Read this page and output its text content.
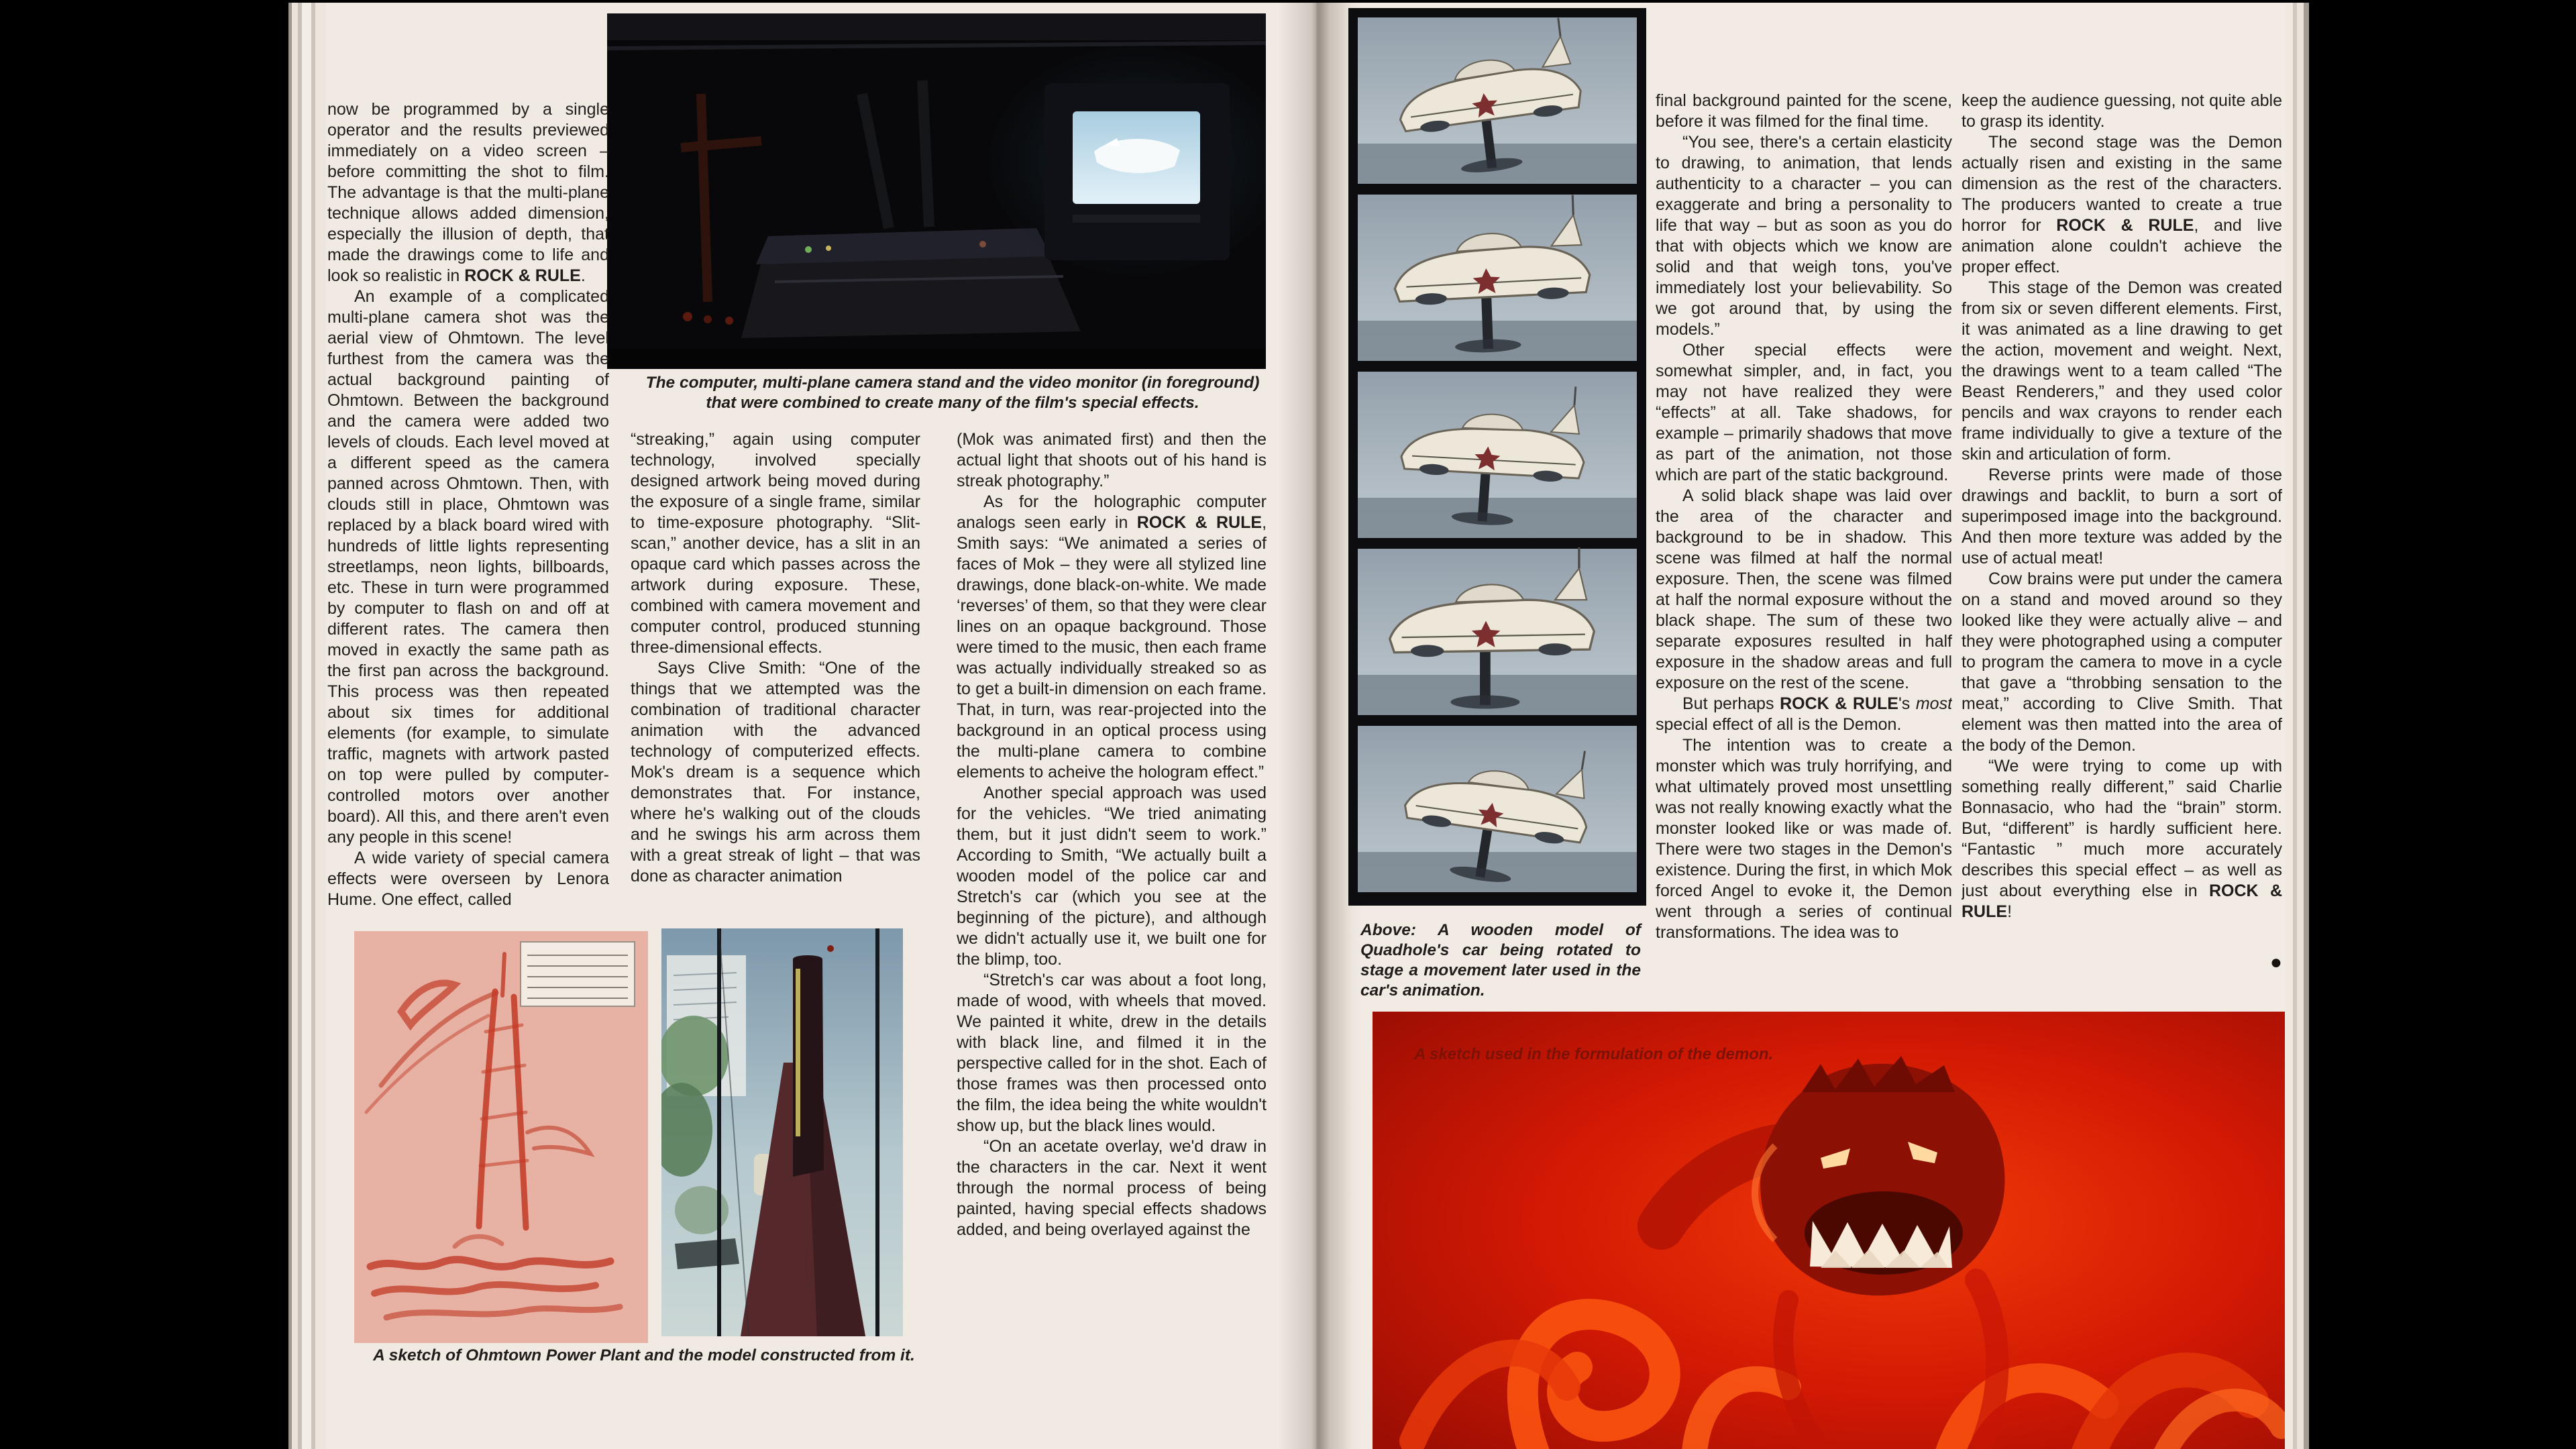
The computer, multi-plane camera stand and the video monitor (in foreground) that were combined to create many of the film's special effects.

now be programmed by a single operator and the results previewed immediately on a video screen – before committing the shot to film. The advantage is that the multi-plane technique allows added dimension, especially the illusion of depth, that made the drawings come to life and look so realistic in ROCK & RULE.

An example of a complicated multi-plane camera shot was the aerial view of Ohmtown. The level furthest from the camera was the actual background painting of Ohmtown. Between the background and the camera were added two levels of clouds. Each level moved at a different speed as the camera panned across Ohmtown. Then, with clouds still in place, Ohmtown was replaced by a black board wired with hundreds of little lights representing streetlamps, neon lights, billboards, etc. These in turn were programmed by computer to flash on and off at different rates. The camera then moved in exactly the same path as the first pan across the background. This process was then repeated about six times for additional elements (for example, to simulate traffic, magnets with artwork pasted on top were pulled by computer-controlled motors over another board). All this, and there aren't even any people in this scene!

A wide variety of special camera effects were overseen by Lenora Hume. One effect, called

“streaking,” again using computer technology, involved specially designed artwork being moved during the exposure of a single frame, similar to time-exposure photography. “Slit-scan,” another device, has a slit in an opaque card which passes across the artwork during exposure. These, combined with camera movement and computer control, produced stunning three-dimensional effects.

Says Clive Smith: “One of the things that we attempted was the combination of traditional character animation with the advanced technology of computerized effects. Mok's dream is a sequence which demonstrates that. For instance, where he's walking out of the clouds and he swings his arm across them with a great streak of light – that was done as character animation

(Mok was animated first) and then the actual light that shoots out of his hand is streak photography.”

As for the holographic computer analogs seen early in ROCK & RULE, Smith says: “We animated a series of faces of Mok – they were all stylized line drawings, done black-on-white. We made ‘reverses’ of them, so that they were clear lines on an opaque background. Those were timed to the music, then each frame was actually individually streaked so as to get a built-in dimension on each frame. That, in turn, was rear-projected into the background in an optical process using the multi-plane camera to combine elements to acheive the hologram effect.”

Another special approach was used for the vehicles. “We tried animating them, but it just didn't seem to work.” According to Smith, “We actually built a wooden model of the police car and Stretch's car (which you see at the beginning of the picture), and although we didn't actually use it, we built one for the blimp, too.

“Stretch's car was about a foot long, made of wood, with wheels that moved. We painted it white, drew in the details with black line, and filmed it in the perspective called for in the shot. Each of those frames was then processed onto the film, the idea being the white wouldn't show up, but the black lines would.

“On an acetate overlay, we'd draw in the characters in the car. Next it went through the normal process of being painted, having special effects shadows added, and being overlayed against the

A sketch of Ohmtown Power Plant and the model constructed from it.
Above: A wooden model of Quadhole's car being rotated to stage a movement later used in the car's animation.

final background painted for the scene, before it was filmed for the final time.

“You see, there's a certain elasticity to drawing, to animation, that lends authenticity to a character – you can exaggerate and bring a personality to life that way – but as soon as you do that with objects which we know are solid and that weigh tons, you've immediately lost your believability. So we got around that, by using the models.”

Other special effects were somewhat simpler, and, in fact, you may not have realized they were “effects” at all. Take shadows, for example – primarily shadows that move as part of the animation, not those which are part of the static background.

A solid black shape was laid over the area of the character and background to be in shadow. This scene was filmed at half the normal exposure. Then, the scene was filmed at half the normal exposure without the black shape. The sum of these two separate exposures resulted in half exposure in the shadow areas and full exposure on the rest of the scene.

But perhaps ROCK & RULE's most special effect of all is the Demon.

The intention was to create a monster which was truly horrifying, and what ultimately proved most unsettling was not really knowing exactly what the monster looked like or was made of. There were two stages in the Demon's existence. During the first, in which Mok forced Angel to evoke it, the Demon went through a series of continual transformations. The idea was to

keep the audience guessing, not quite able to grasp its identity.

The second stage was the Demon actually risen and existing in the same dimension as the rest of the characters. The producers wanted to create a true horror for ROCK & RULE, and live animation alone couldn't achieve the proper effect.

This stage of the Demon was created from six or seven different elements. First, it was animated as a line drawing to get the action, movement and weight. Next, the drawings went to a team called “The Beast Renderers,” and they used color pencils and wax crayons to render each frame individually to give a texture of the skin and articulation of form.

Reverse prints were made of those drawings and backlit, to burn a sort of superimposed image into the background. And then more texture was added by the use of actual meat!

Cow brains were put under the camera on a stand and moved around so they looked like they were actually alive – and they were photographed using a computer to program the camera to move in a cycle that gave a “throbbing sensation to the meat,” according to Clive Smith. That element was then matted into the area of the body of the Demon.

“We were trying to come up with something really different,” said Charlie Bonnasacio, who had the “brain” storm. But, “different” is hardly sufficient here. “Fantastic ” much more accurately describes this special effect – as well as just about everything else in ROCK & RULE!

●
A sketch used in the formulation of the demon.
